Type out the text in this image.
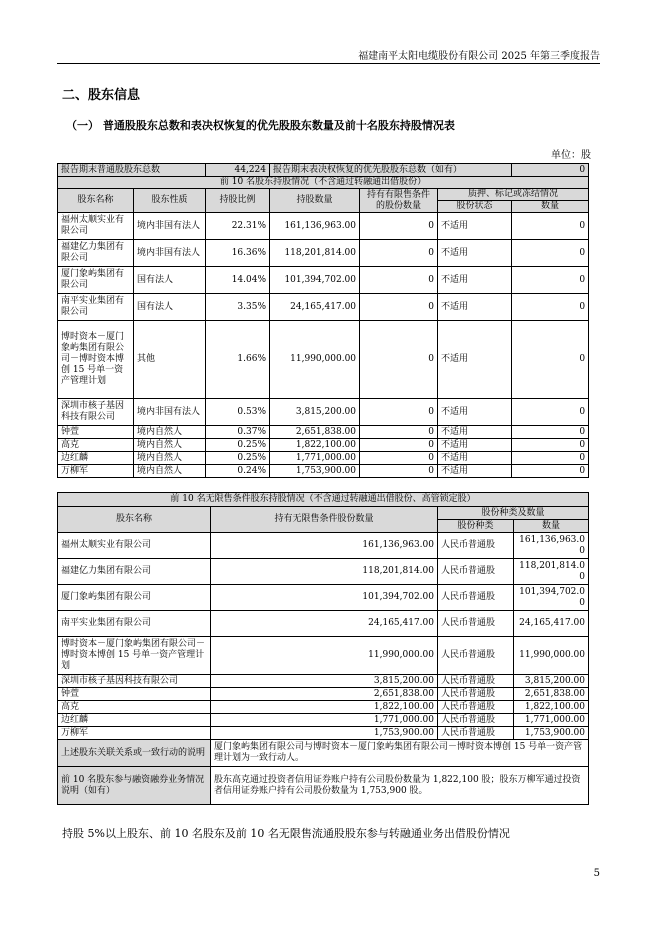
福建南平太阳电缆股份有限公司 2025 年第三季度报告
二、股东信息
（一） 普通股股东总数和表决权恢复的优先股股东数量及前十名股东持股情况表
单位：股
报告期末普通股股东总数		44,224	报告期末表决权恢复的优先股股东总数（如有）			0
前 10 名股东持股情况（不含通过转融通出借股份）						
股东名称	股东性质	持股比例	持股数量	持有有限售条件的股份数量	质押、标记或冻结情况	
					股份状态	数量
福州太顺实业有限公司	境内非国有法人	22.31%	161,136,963.00	0	不适用	0
福建亿力集团有限公司	境内非国有法人	16.36%	118,201,814.00	0	不适用	0
厦门象屿集团有限公司	国有法人	14.04%	101,394,702.00	0	不适用	0
南平实业集团有限公司	国有法人	3.35%	24,165,417.00	0	不适用	0
博时资本－厦门象屿集团有限公司－博时资本博创 15 号单一资产管理计划	其他	1.66%	11,990,000.00	0	不适用	0
深圳市核子基因科技有限公司	境内非国有法人	0.53%	3,815,200.00	0	不适用	0
钟萱	境内自然人	0.37%	2,651,838.00	0	不适用	0
高克	境内自然人	0.25%	1,822,100.00	0	不适用	0
边红麟	境内自然人	0.25%	1,771,000.00	0	不适用	0
万柳军	境内自然人	0.24%	1,753,900.00	0	不适用	0
前 10 名无限售条件股东持股情况（不含通过转融通出借股份、高管锁定股）			
股东名称	持有无限售条件股份数量	股份种类及数量	
		股份种类	数量
福州太顺实业有限公司	161,136,963.00	人民币普通股	161,136,963.00
福建亿力集团有限公司	118,201,814.00	人民币普通股	118,201,814.00
厦门象屿集团有限公司	101,394,702.00	人民币普通股	101,394,702.00
南平实业集团有限公司	24,165,417.00	人民币普通股	24,165,417.00
博时资本－厦门象屿集团有限公司－博时资本博创 15 号单一资产管理计划	11,990,000.00	人民币普通股	11,990,000.00
深圳市核子基因科技有限公司	3,815,200.00	人民币普通股	3,815,200.00
钟萱	2,651,838.00	人民币普通股	2,651,838.00
高克	1,822,100.00	人民币普通股	1,822,100.00
边红麟	1,771,000.00	人民币普通股	1,771,000.00
万柳军	1,753,900.00	人民币普通股	1,753,900.00
上述股东关联关系或一致行动的说明	厦门象屿集团有限公司与博时资本－厦门象屿集团有限公司－博时资本博创 15 号单一资产管理计划为一致行动人。		
前 10 名股东参与融资融券业务情况说明（如有）	股东高克通过投资者信用证券账户持有公司股份数量为 1,822,100 股；股东万柳军通过投资者信用证券账户持有公司股份数量为 1,753,900 股。		
持股 5%以上股东、前 10 名股东及前 10 名无限售流通股股东参与转融通业务出借股份情况
5
